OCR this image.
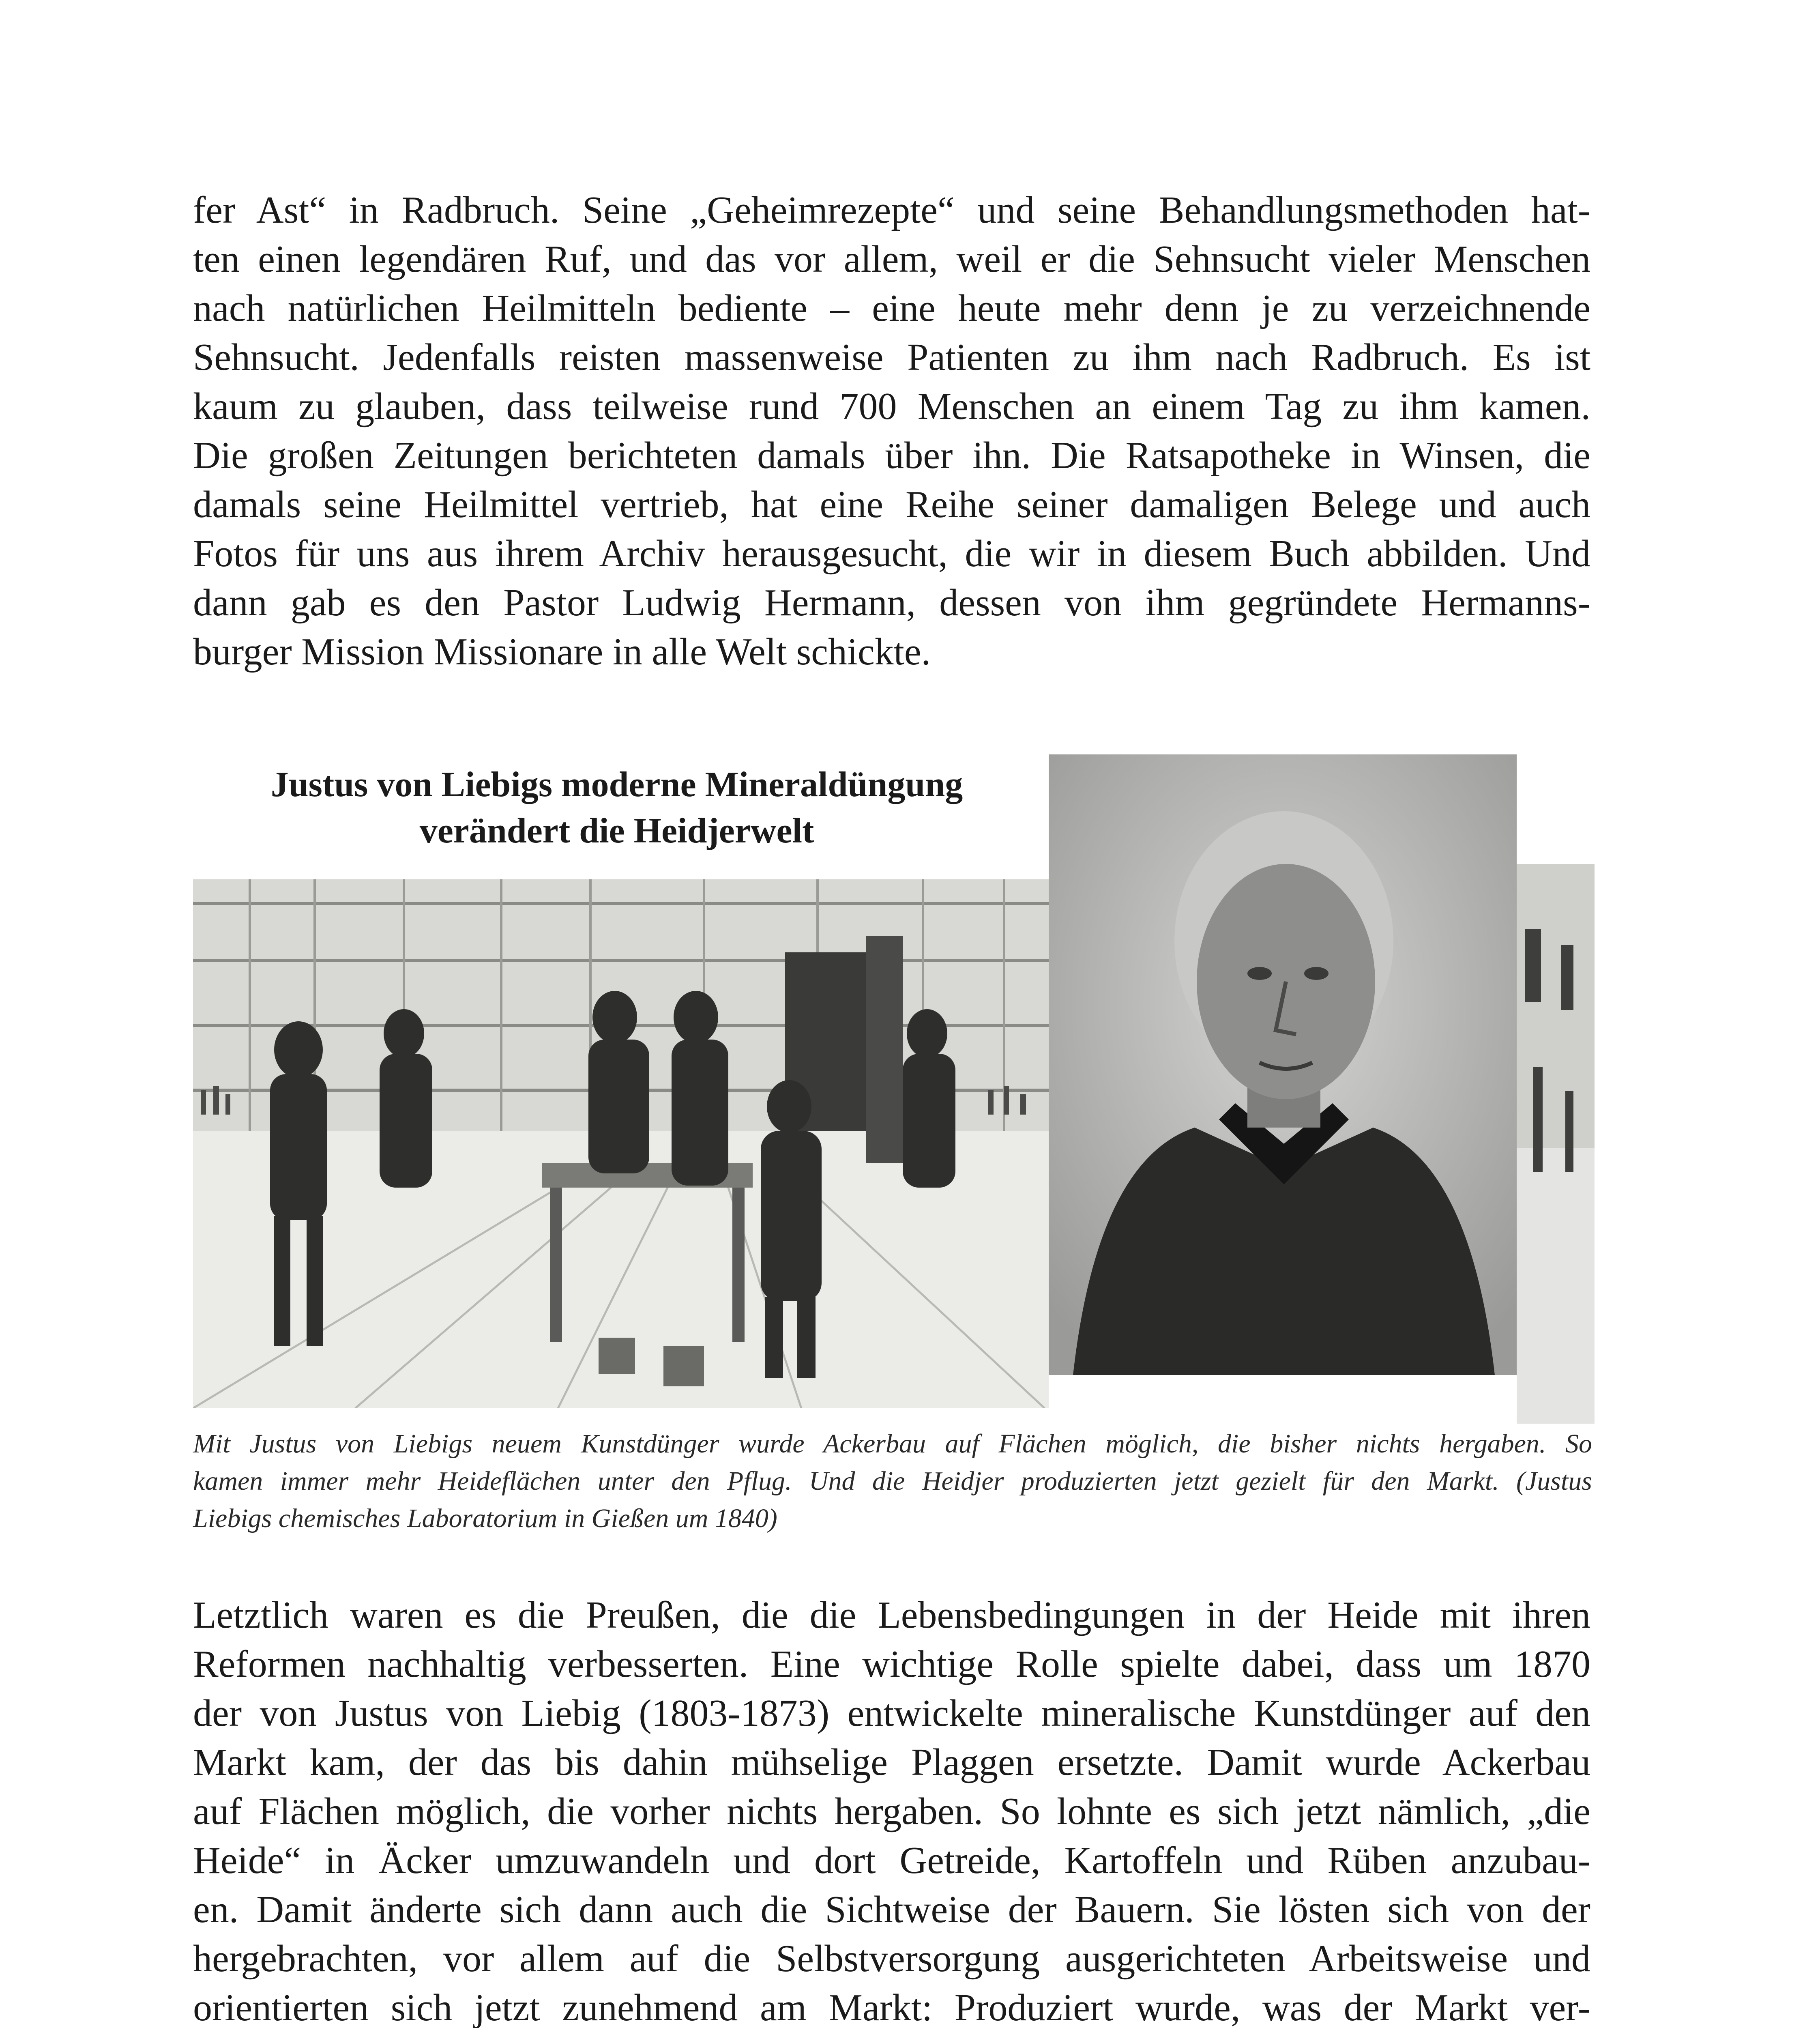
fer Ast“ in Radbruch. Seine „Geheimrezepte“ und seine Behandlungsmethoden hat-
ten einen legendären Ruf, und das vor allem, weil er die Sehnsucht vieler Menschen
nach natürlichen Heilmitteln bediente – eine heute mehr denn je zu verzeichnende
Sehnsucht. Jedenfalls reisten massenweise Patienten zu ihm nach Radbruch. Es ist
kaum zu glauben, dass teilweise rund 700 Menschen an einem Tag zu ihm kamen.
Die großen Zeitungen berichteten damals über ihn. Die Ratsapotheke in Winsen, die
damals seine Heilmittel vertrieb, hat eine Reihe seiner damaligen Belege und auch
Fotos für uns aus ihrem Archiv herausgesucht, die wir in diesem Buch abbilden. Und
dann gab es den Pastor Ludwig Hermann, dessen von ihm gegründete Hermanns-
burger Mission Missionare in alle Welt schickte.
Justus von Liebigs moderne Mineraldüngung
verändert die Heidjerwelt
Mit Justus von Liebigs neuem Kunstdünger wurde Ackerbau auf Flächen möglich, die bisher nichts hergaben. So
kamen immer mehr Heideflächen unter den Pflug. Und die Heidjer produzierten jetzt gezielt für den Markt. (Justus
Liebigs chemisches Laboratorium in Gießen um 1840)
Letztlich waren es die Preußen, die die Lebensbedingungen in der Heide mit ihren
Reformen nachhaltig verbesserten. Eine wichtige Rolle spielte dabei, dass um 1870
der von Justus von Liebig (1803-1873) entwickelte mineralische Kunstdünger auf den
Markt kam, der das bis dahin mühselige Plaggen ersetzte. Damit wurde Ackerbau
auf Flächen möglich, die vorher nichts hergaben. So lohnte es sich jetzt nämlich, „die
Heide“ in Äcker umzuwandeln und dort Getreide, Kartoffeln und Rüben anzubau-
en. Damit änderte sich dann auch die Sichtweise der Bauern. Sie lösten sich von der
hergebrachten, vor allem auf die Selbstversorgung ausgerichteten Arbeitsweise und
orientierten sich jetzt zunehmend am Markt: Produziert wurde, was der Markt ver-
